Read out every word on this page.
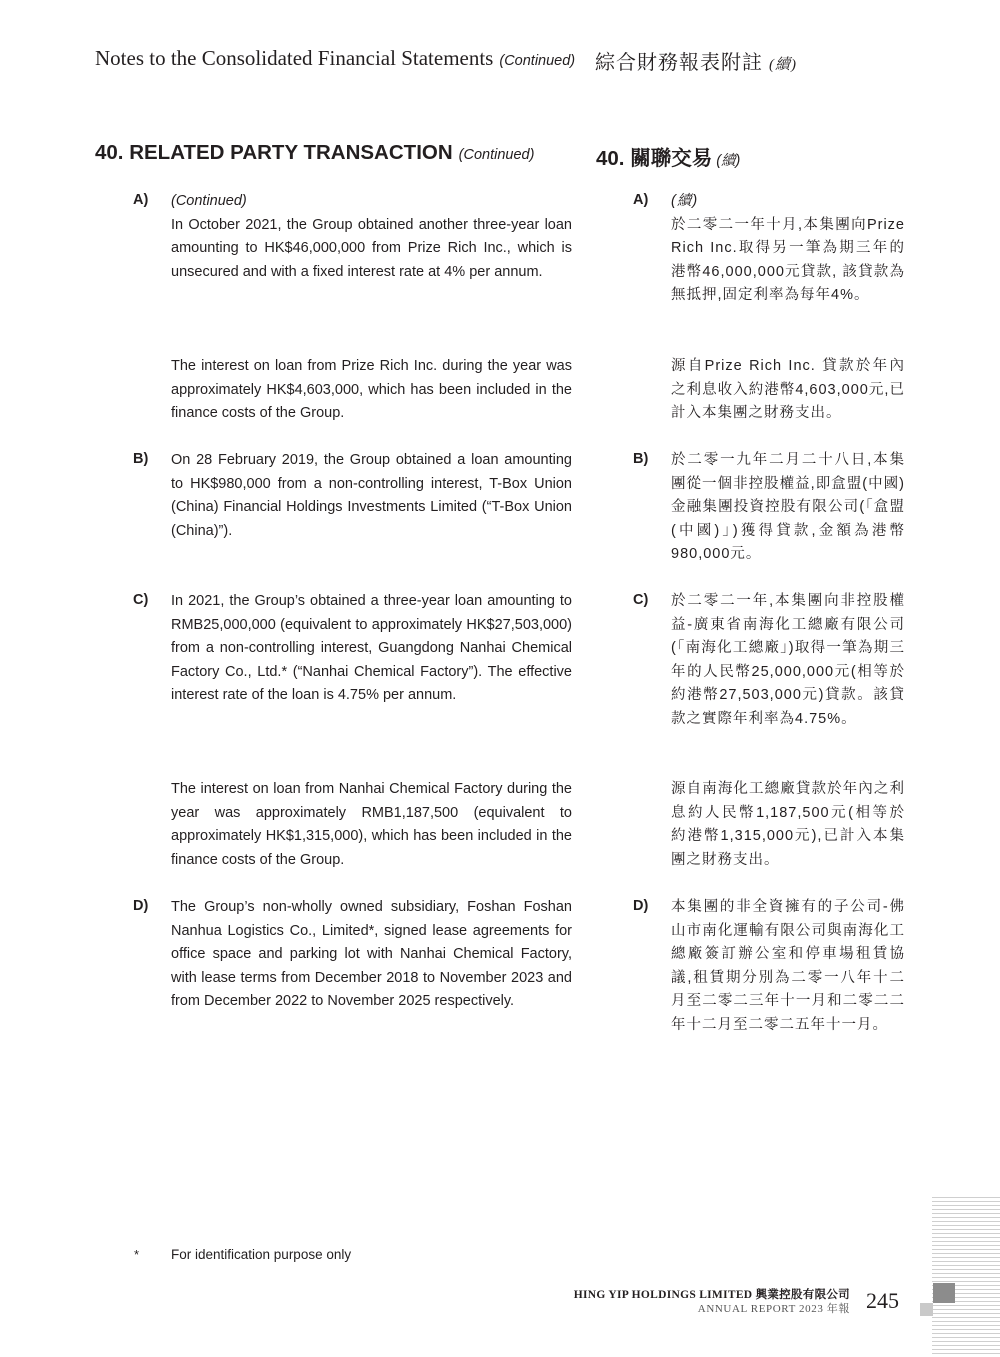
Notes to the Consolidated Financial Statements (Continued) 綜合財務報表附註 (續)
40. RELATED PARTY TRANSACTION (Continued)	40. 關聯交易 (續)
A) (Continued)
In October 2021, the Group obtained another three-year loan amounting to HK$46,000,000 from Prize Rich Inc., which is unsecured and with a fixed interest rate at 4% per annum.
The interest on loan from Prize Rich Inc. during the year was approximately HK$4,603,000, which has been included in the finance costs of the Group.
B) On 28 February 2019, the Group obtained a loan amounting to HK$980,000 from a non-controlling interest, T-Box Union (China) Financial Holdings Investments Limited (“T-Box Union (China)”).
C) In 2021, the Group’s obtained a three-year loan amounting to RMB25,000,000 (equivalent to approximately HK$27,503,000) from a non-controlling interest, Guangdong Nanhai Chemical Factory Co., Ltd.* (“Nanhai Chemical Factory”). The effective interest rate of the loan is 4.75% per annum.
The interest on loan from Nanhai Chemical Factory during the year was approximately RMB1,187,500 (equivalent to approximately HK$1,315,000), which has been included in the finance costs of the Group.
D) The Group’s non-wholly owned subsidiary, Foshan Foshan Nanhua Logistics Co., Limited*, signed lease agreements for office space and parking lot with Nanhai Chemical Factory, with lease terms from December 2018 to November 2023 and from December 2022 to November 2025 respectively.
A) (續)
於二零二一年十月,本集團向Prize Rich Inc.取得另一筆為期三年的港幣46,000,000元貸款, 該貸款為無抵押,固定利率為每年4%。
源自Prize Rich Inc. 貸款於年內之利息收入約港幣4,603,000元,已計入本集團之財務支出。
B) 於二零一九年二月二十八日,本集團從一個非控股權益,即盒盟(中國)金融集團投資控股有限公司(「盒盟(中國)」)獲得貸款,金額為港幣980,000元。
C) 於二零二一年,本集團向非控股權益-廣東省南海化工總廠有限公司(「南海化工總廠」)取得一筆為期三年的人民幣25,000,000元(相等於約港幣27,503,000元)貸款。該貸款之實際年利率為4.75%。
源自南海化工總廠貸款於年內之利息約人民幣1,187,500元(相等於約港幣1,315,000元),已計入本集團之財務支出。
D) 本集團的非全資擁有的子公司-佛山市南化運輸有限公司與南海化工總廠簽訂辦公室和停車場租賃協議,租賃期分別為二零一八年十二月至二零二三年十一月和二零二二年十二月至二零二五年十一月。
* For identification purpose only
HING YIP HOLDINGS LIMITED 興業控股有限公司
ANNUAL REPORT 2023 年報 245
